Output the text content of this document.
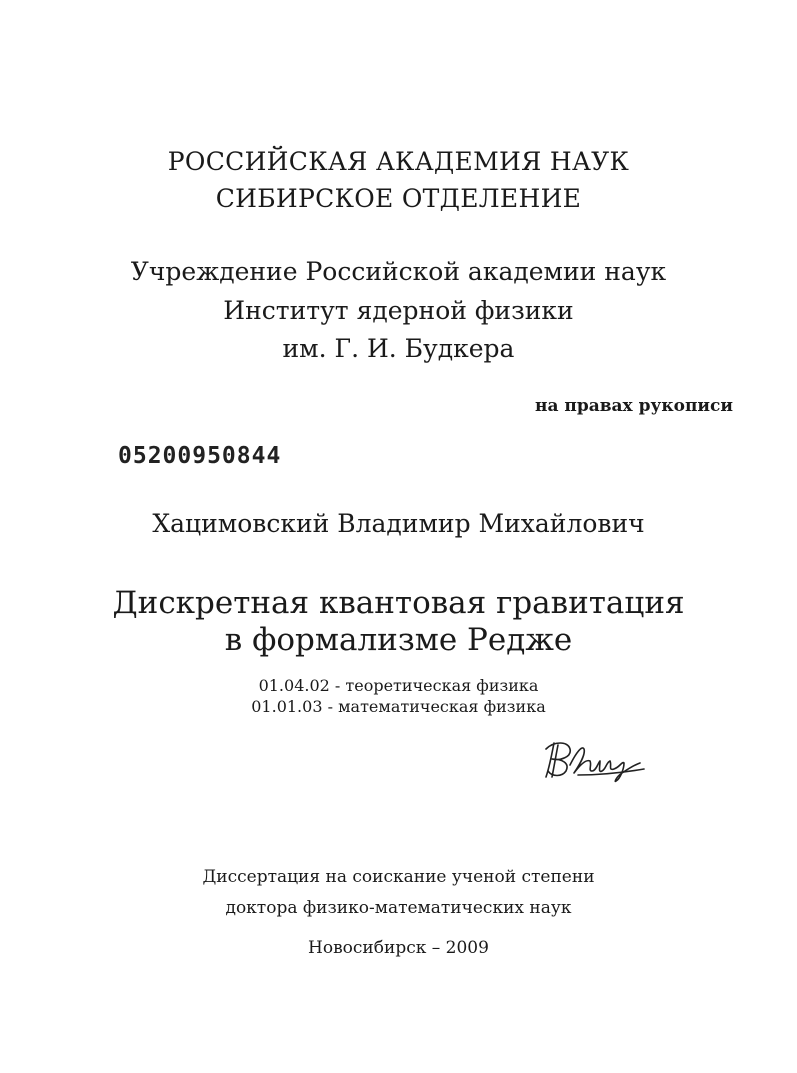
РОССИЙСКАЯ АКАДЕМИЯ НАУК
СИБИРСКОЕ ОТДЕЛЕНИЕ
Учреждение Российской академии наук
Институт ядерной физики
им. Г. И. Будкера
на правах рукописи
05200950844
Хацимовский Владимир Михайлович
Дискретная квантовая гравитация
в формализме Редже
01.04.02 - теоретическая физика
01.01.03 - математическая физика
Диссертация на соискание ученой степени
доктора физико-математических наук
Новосибирск – 2009
